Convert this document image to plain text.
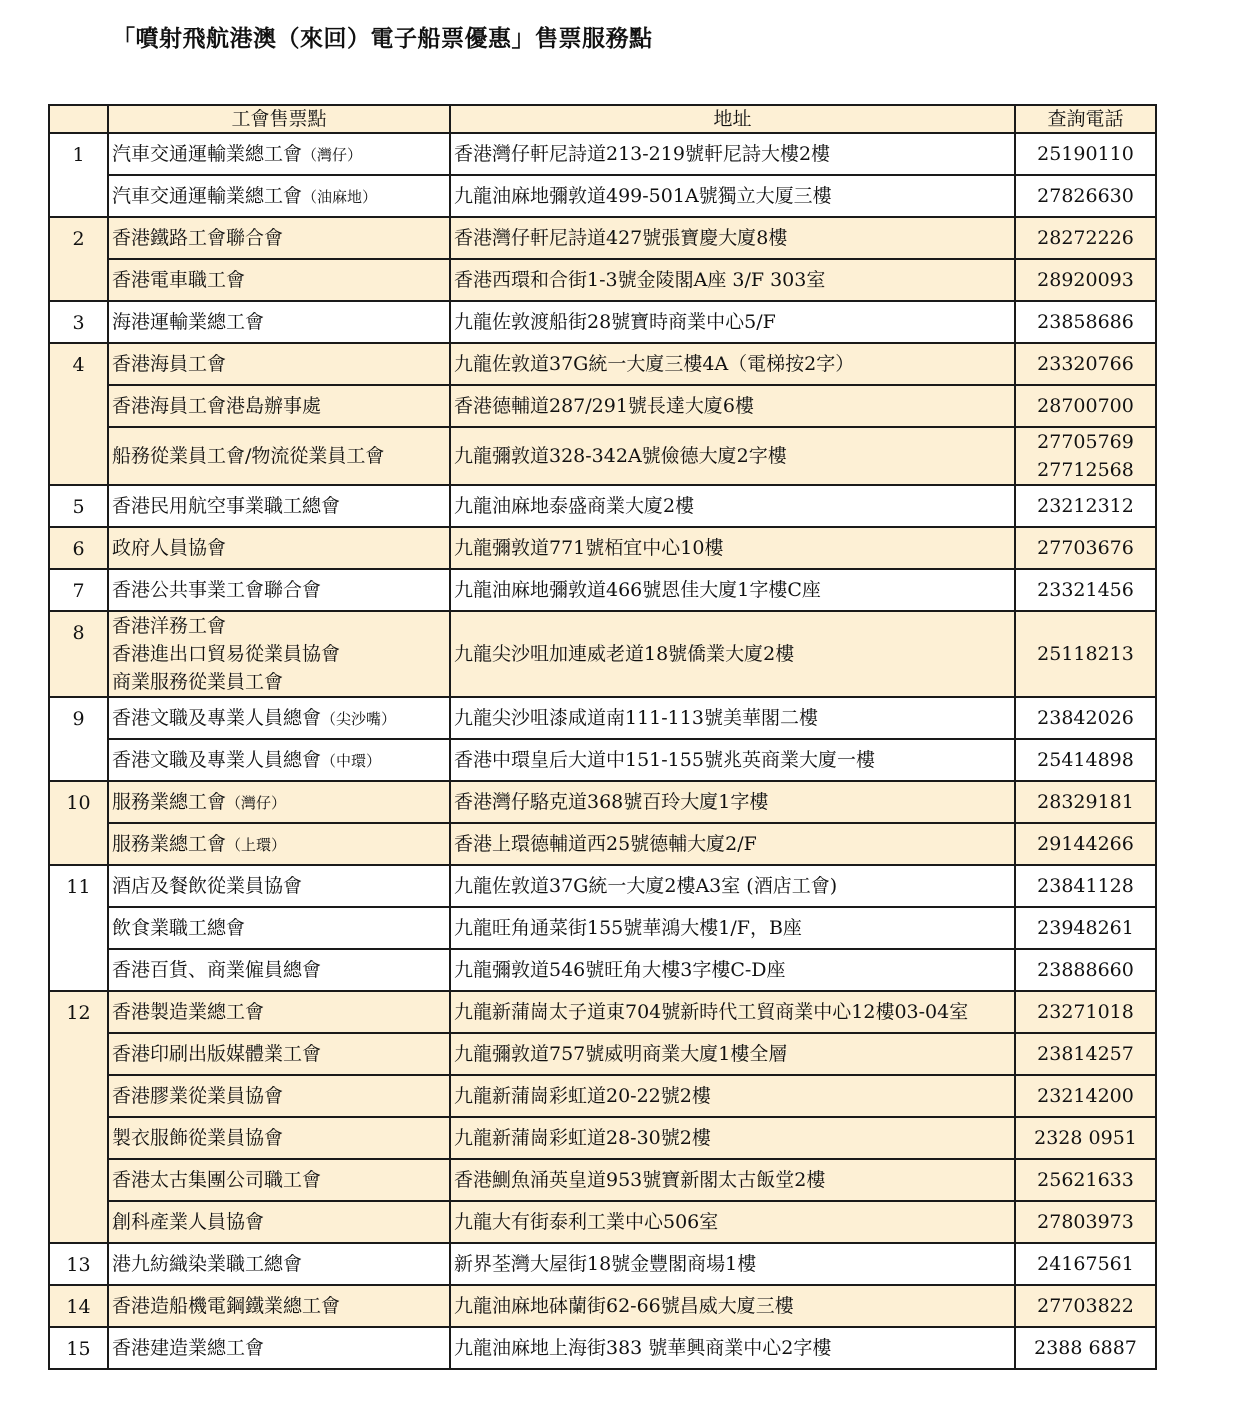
「噴射飛航港澳（來回）電子船票優惠」售票服務點
	工會售票點	地址	查詢電話
1	汽車交通運輸業總工會（灣仔）	香港灣仔軒尼詩道213-219號軒尼詩大樓2樓	25190110

	汽車交通運輸業總工會（油麻地）	九龍油麻地彌敦道499-501A號獨立大厦三樓	27826630

2	香港鐵路工會聯合會	香港灣仔軒尼詩道427號張寶慶大廈8樓	28272226

	香港電車職工會	香港西環和合街1-3號金陵閣A座 3/F 303室	28920093

3	海港運輸業總工會	九龍佐敦渡船街28號寶時商業中心5/F	23858686

4	香港海員工會	九龍佐敦道37G統一大廈三樓4A（電梯按2字）	23320766

	香港海員工會港島辦事處	香港德輔道287/291號長達大廈6樓	28700700

	船務從業員工會/物流從業員工會	九龍彌敦道328-342A號儉德大廈2字樓	27705769
27712568

5	香港民用航空事業職工總會	九龍油麻地泰盛商業大廈2樓	23212312

6	政府人員協會	九龍彌敦道771號栢宜中心10樓	27703676

7	香港公共事業工會聯合會	九龍油麻地彌敦道466號恩佳大廈1字樓C座	23321456

8	香港洋務工會
香港進出口貿易從業員協會
商業服務從業員工會	九龍尖沙咀加連威老道18號僑業大廈2樓	25118213

9	香港文職及專業人員總會（尖沙嘴）	九龍尖沙咀漆咸道南111-113號美華閣二樓	23842026

	香港文職及專業人員總會（中環）	香港中環皇后大道中151-155號兆英商業大廈一樓	25414898

10	服務業總工會（灣仔）	香港灣仔駱克道368號百玲大廈1字樓	28329181

	服務業總工會（上環）	香港上環德輔道西25號德輔大廈2/F	29144266

11	酒店及餐飲從業員協會	九龍佐敦道37G統一大廈2樓A3室 (酒店工會)	23841128

	飲食業職工總會	九龍旺角通菜街155號華鴻大樓1/F，B座	23948261

	香港百貨、商業僱員總會	九龍彌敦道546號旺角大樓3字樓C-D座	23888660

12	香港製造業總工會	九龍新蒲崗太子道東704號新時代工貿商業中心12樓03-04室	23271018

	香港印刷出版媒體業工會	九龍彌敦道757號威明商業大廈1樓全層	23814257

	香港膠業從業員協會	九龍新蒲崗彩虹道20-22號2樓	23214200

	製衣服飾從業員協會	九龍新蒲崗彩虹道28-30號2樓	2328 0951

	香港太古集團公司職工會	香港鰂魚涌英皇道953號寶新閣太古飯堂2樓	25621633

	創科產業人員協會	九龍大有街泰利工業中心506室	27803973

13	港九紡織染業職工總會	新界荃灣大屋街18號金豐閣商場1樓	24167561

14	香港造船機電鋼鐵業總工會	九龍油麻地砵蘭街62-66號昌威大廈三樓	27703822

15	香港建造業總工會	九龍油麻地上海街383 號華興商業中心2字樓	2388 6887
